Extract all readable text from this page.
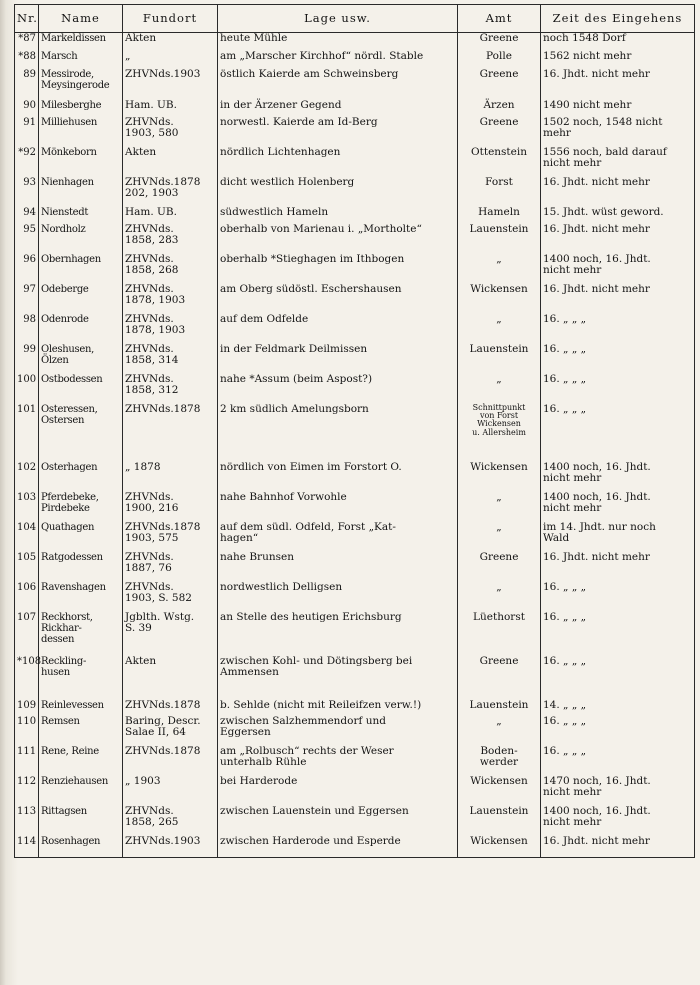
Nr.	Name	Fundort	Lage usw.	Amt	Zeit des Eingehens
*87	Markeldissen	Akten	heute Mühle	Greene	noch 1548 Dorf
*88	Marsch	„	am „Marscher Kirchhof“ nördl. Stable	Polle	1562 nicht mehr
89	Messirode,
Meysingerode	ZHVNds.1903	östlich Kaierde am Schweinsberg	Greene	16. Jhdt. nicht mehr
90	Milesberghe	Ham. UB.	in der Ärzener Gegend	Ärzen	1490 nicht mehr
91	Milliehusen	ZHVNds.
1903, 580	norwestl. Kaierde am Id-Berg	Greene	1502 noch, 1548 nicht
mehr
*92	Mönkeborn	Akten	nördlich Lichtenhagen	Ottenstein	1556 noch, bald darauf
nicht mehr
93	Nienhagen	ZHVNds.1878
202, 1903	dicht westlich Holenberg	Forst	16. Jhdt. nicht mehr
94	Nienstedt	Ham. UB.	südwestlich Hameln	Hameln	15. Jhdt. wüst geword.
95	Nordholz	ZHVNds.
1858, 283	oberhalb von Marienau i. „Mortholte“	Lauenstein	16. Jhdt. nicht mehr
96	Obernhagen	ZHVNds.
1858, 268	oberhalb *Stieghagen im Ithbogen	„	1400 noch, 16. Jhdt.
nicht mehr
97	Odeberge	ZHVNds.
1878, 1903	am Oberg südöstl. Eschershausen	Wickensen	16. Jhdt. nicht mehr
98	Odenrode	ZHVNds.
1878, 1903	auf dem Odfelde	„	16. „ „ „
99	Oleshusen,
Ölzen	ZHVNds.
1858, 314	in der Feldmark Deilmissen	Lauenstein	16. „ „ „
100	Ostbodessen	ZHVNds.
1858, 312	nahe *Assum (beim Aspost?)	„	16. „ „ „
101	Osteressen,
Ostersen	ZHVNds.1878	2 km südlich Amelungsborn	Schnittpunkt
von Forst
Wickensen
u. Allersheim	16. „ „ „
102	Osterhagen	„ 1878	nördlich von Eimen im Forstort O.	Wickensen	1400 noch, 16. Jhdt.
nicht mehr
103	Pferdebeke,
Pirdebeke	ZHVNds.
1900, 216	nahe Bahnhof Vorwohle	„	1400 noch, 16. Jhdt.
nicht mehr
104	Quathagen	ZHVNds.1878
1903, 575	auf dem südl. Odfeld, Forst „Kat-
hagen“	„	im 14. Jhdt. nur noch
Wald
105	Ratgodessen	ZHVNds.
1887, 76	nahe Brunsen	Greene	16. Jhdt. nicht mehr
106	Ravenshagen	ZHVNds.
1903, S. 582	nordwestlich Delligsen	„	16. „ „ „
107	Reckhorst,
Rickhar-
dessen	Jgblth. Wstg.
S. 39	an Stelle des heutigen Erichsburg	Lüethorst	16. „ „ „
*108	Reckling-
husen	Akten	zwischen Kohl- und Dötingsberg bei
Ammensen	Greene	16. „ „ „
109	Reinlevessen	ZHVNds.1878	b. Sehlde (nicht mit Reileifzen verw.!)	Lauenstein	14. „ „ „
110	Remsen	Baring, Descr.
Salae II, 64	zwischen Salzhemmendorf und
Eggersen	„	16. „ „ „
111	Rene, Reine	ZHVNds.1878	am „Rolbusch“ rechts der Weser
unterhalb Rühle	Boden-
werder	16. „ „ „
112	Renziehausen	„ 1903	bei Harderode	Wickensen	1470 noch, 16. Jhdt.
nicht mehr
113	Rittagsen	ZHVNds.
1858, 265	zwischen Lauenstein und Eggersen	Lauenstein	1400 noch, 16. Jhdt.
nicht mehr
114	Rosenhagen	ZHVNds.1903	zwischen Harderode und Esperde	Wickensen	16. Jhdt. nicht mehr
